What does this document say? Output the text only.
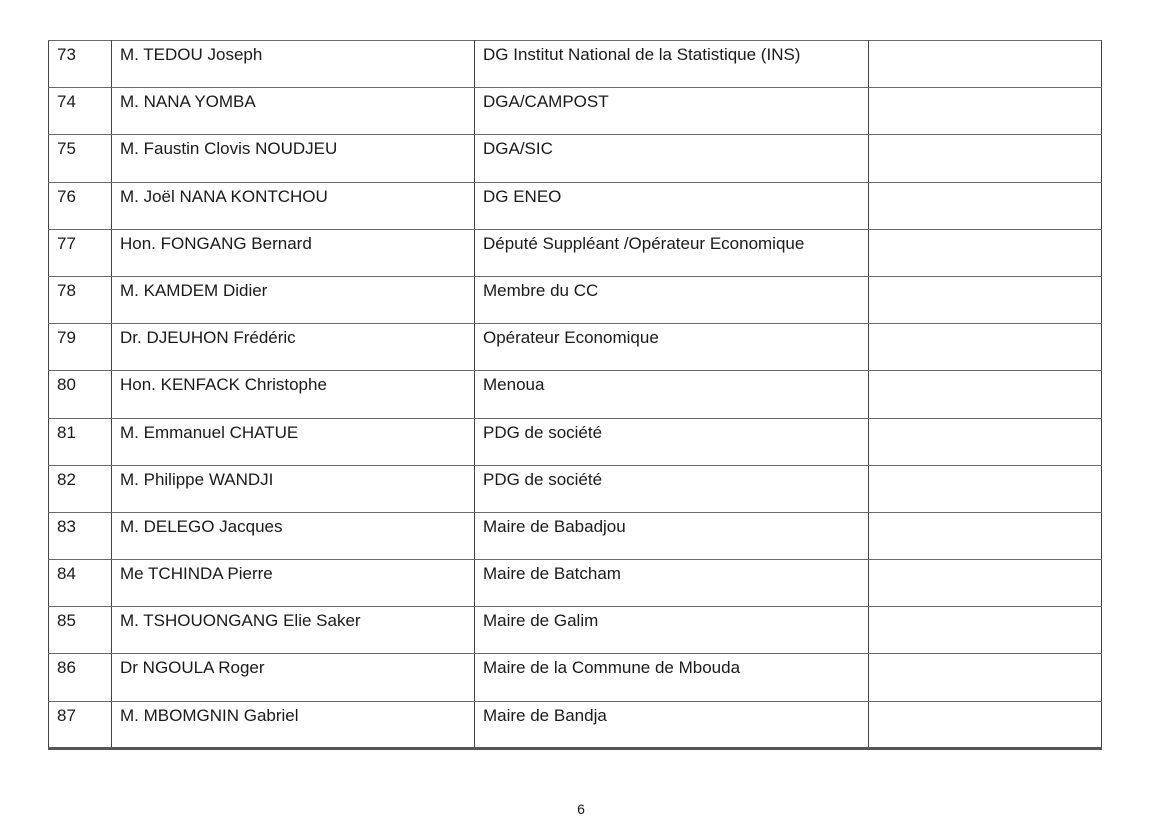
73	M. TEDOU Joseph	DG Institut National de la Statistique (INS)	

74	M. NANA YOMBA	DGA/CAMPOST	

75	M. Faustin Clovis NOUDJEU	DGA/SIC	

76	M. Joël NANA KONTCHOU	DG ENEO	

77	Hon. FONGANG Bernard	Député Suppléant /Opérateur Economique	

78	M. KAMDEM Didier	Membre du CC	

79	Dr. DJEUHON Frédéric	Opérateur Economique	

80	Hon. KENFACK Christophe	Menoua	

81	M. Emmanuel CHATUE	PDG de société	

82	M. Philippe WANDJI	PDG de société	

83	M. DELEGO Jacques	Maire de Babadjou	

84	Me TCHINDA Pierre	Maire de Batcham	

85	M. TSHOUONGANG Elie Saker	Maire de Galim	

86	Dr NGOULA Roger	Maire de la Commune de Mbouda	

87	M. MBOMGNIN Gabriel	Maire de Bandja	

6
